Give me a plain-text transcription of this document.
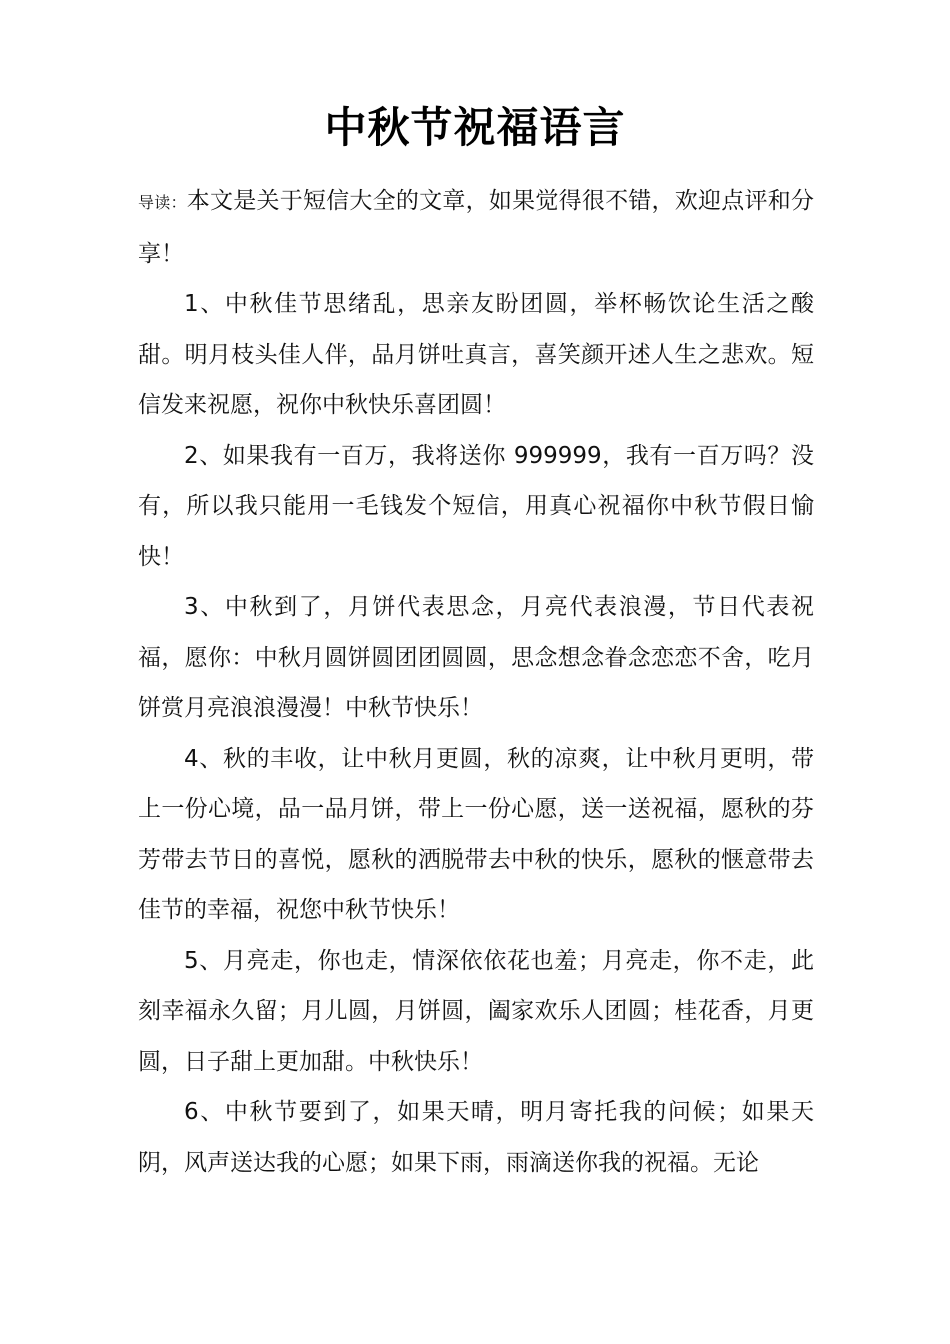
中秋节祝福语言

导读：本文是关于短信大全的文章，如果觉得很不错，欢迎点评和分享！

1、中秋佳节思绪乱，思亲友盼团圆，举杯畅饮论生活之酸甜。明月枝头佳人伴，品月饼吐真言，喜笑颜开述人生之悲欢。短信发来祝愿，祝你中秋快乐喜团圆！

2、如果我有一百万，我将送你 999999，我有一百万吗？没有，所以我只能用一毛钱发个短信，用真心祝福你中秋节假日愉快！

3、中秋到了，月饼代表思念，月亮代表浪漫，节日代表祝福，愿你：中秋月圆饼圆团团圆圆，思念想念眷念恋恋不舍，吃月饼赏月亮浪浪漫漫！中秋节快乐！

4、秋的丰收，让中秋月更圆，秋的凉爽，让中秋月更明，带上一份心境，品一品月饼，带上一份心愿，送一送祝福，愿秋的芬芳带去节日的喜悦，愿秋的洒脱带去中秋的快乐，愿秋的惬意带去佳节的幸福，祝您中秋节快乐！

5、月亮走，你也走，情深依依花也羞；月亮走，你不走，此刻幸福永久留；月儿圆，月饼圆，阖家欢乐人团圆；桂花香，月更圆，日子甜上更加甜。中秋快乐！

6、中秋节要到了，如果天晴，明月寄托我的问候；如果天阴，风声送达我的心愿；如果下雨，雨滴送你我的祝福。无论
